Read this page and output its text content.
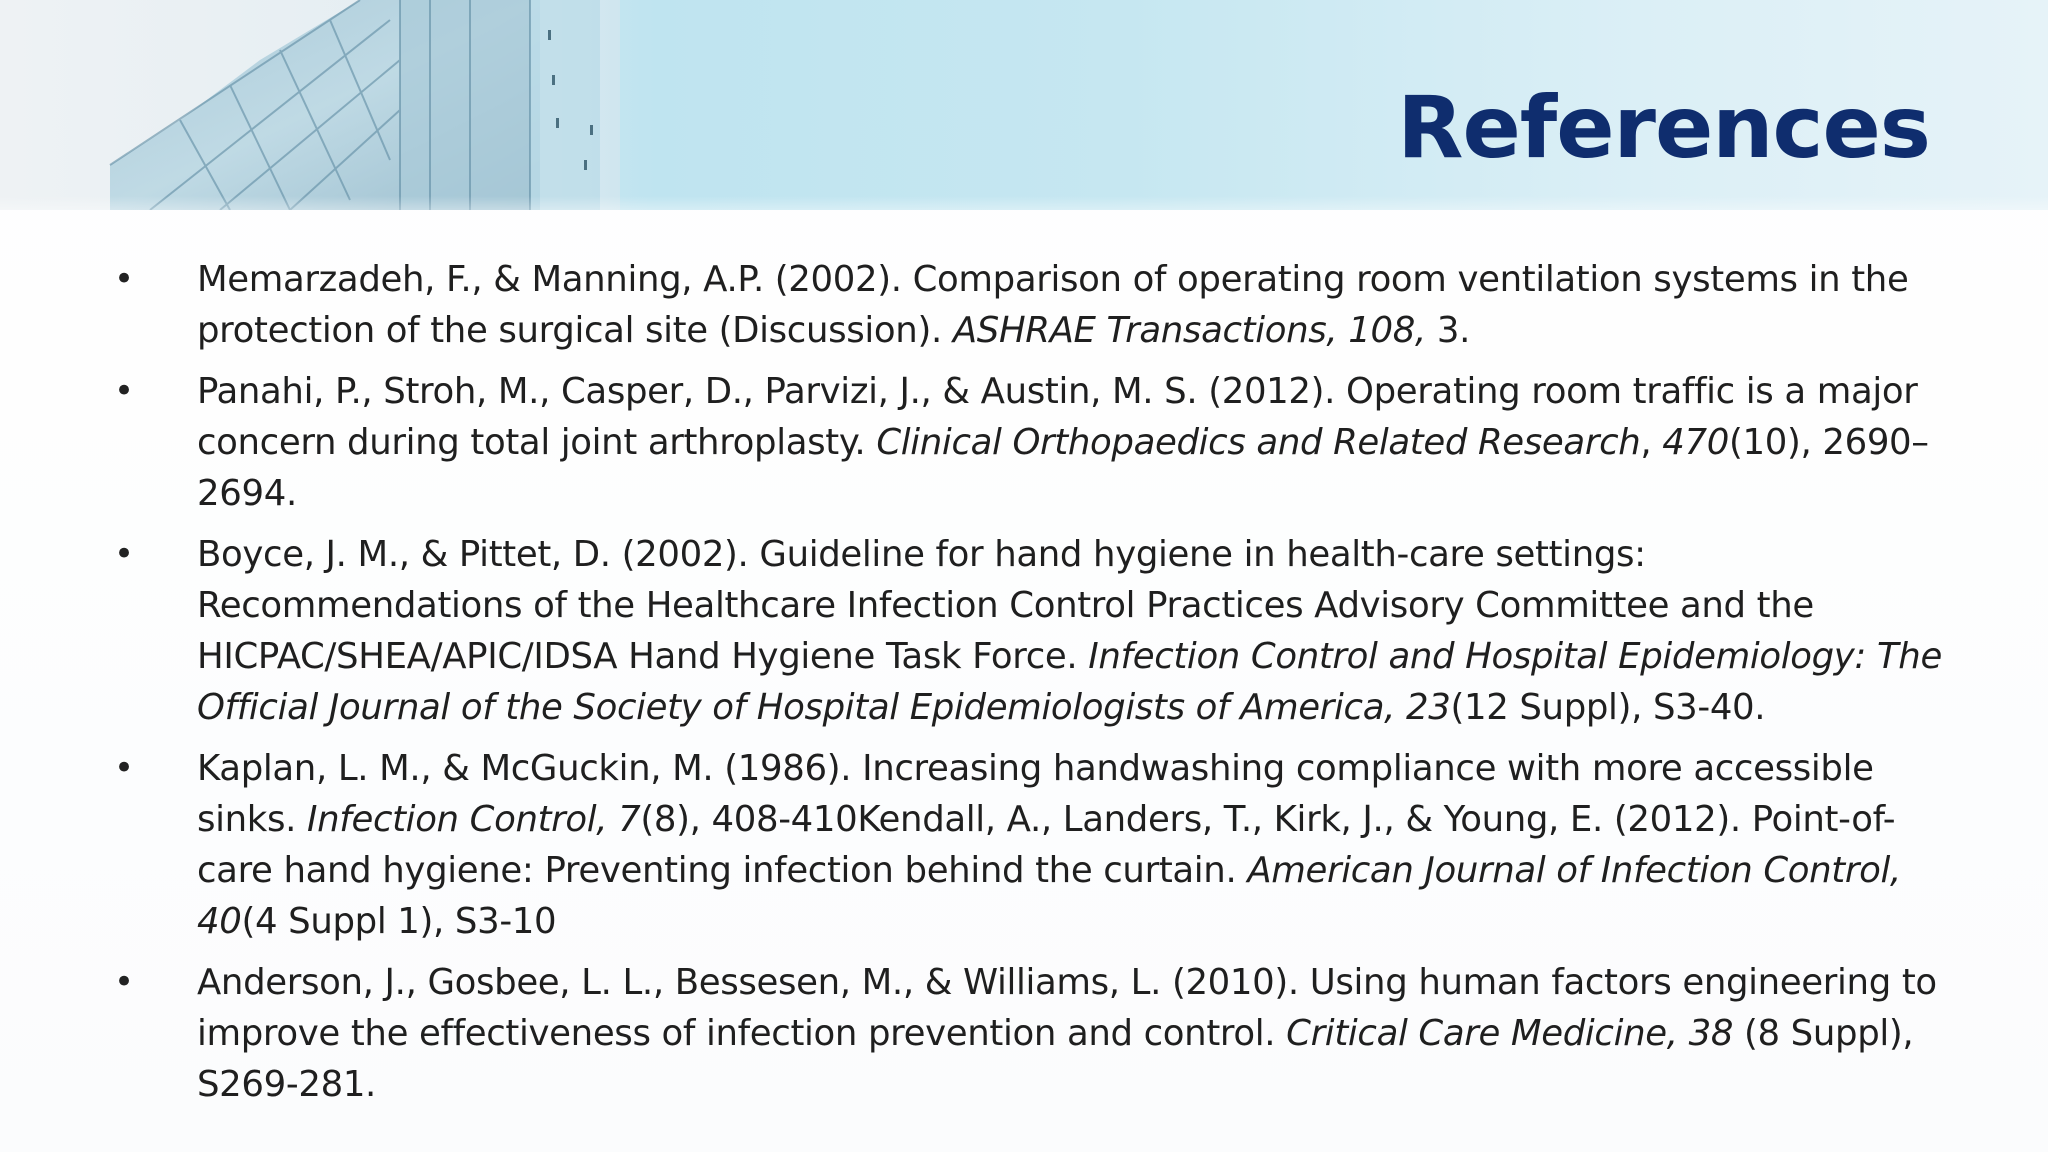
References
•	Memarzadeh, F., & Manning, A.P. (2002). Comparison of operating room ventilation systems in the protection of the surgical site (Discussion). ASHRAE Transactions, 108, 3.
•	Panahi, P., Stroh, M., Casper, D., Parvizi, J., & Austin, M. S. (2012). Operating room traffic is a major concern during total joint arthroplasty. Clinical Orthopaedics and Related Research, 470(10), 2690–2694.
•	Boyce, J. M., & Pittet, D. (2002). Guideline for hand hygiene in health-care settings: Recommendations of the Healthcare Infection Control Practices Advisory Committee and the HICPAC/SHEA/APIC/IDSA Hand Hygiene Task Force. Infection Control and Hospital Epidemiology: The Official Journal of the Society of Hospital Epidemiologists of America, 23(12 Suppl), S3-40.
•	Kaplan, L. M., & McGuckin, M. (1986). Increasing handwashing compliance with more accessible sinks. Infection Control, 7(8), 408-410Kendall, A., Landers, T., Kirk, J., & Young, E. (2012). Point-of-care hand hygiene: Preventing infection behind the curtain. American Journal of Infection Control, 40(4 Suppl 1), S3-10
•	Anderson, J., Gosbee, L. L., Bessesen, M., & Williams, L. (2010). Using human factors engineering to improve the effectiveness of infection prevention and control. Critical Care Medicine, 38 (8 Suppl), S269-281.
